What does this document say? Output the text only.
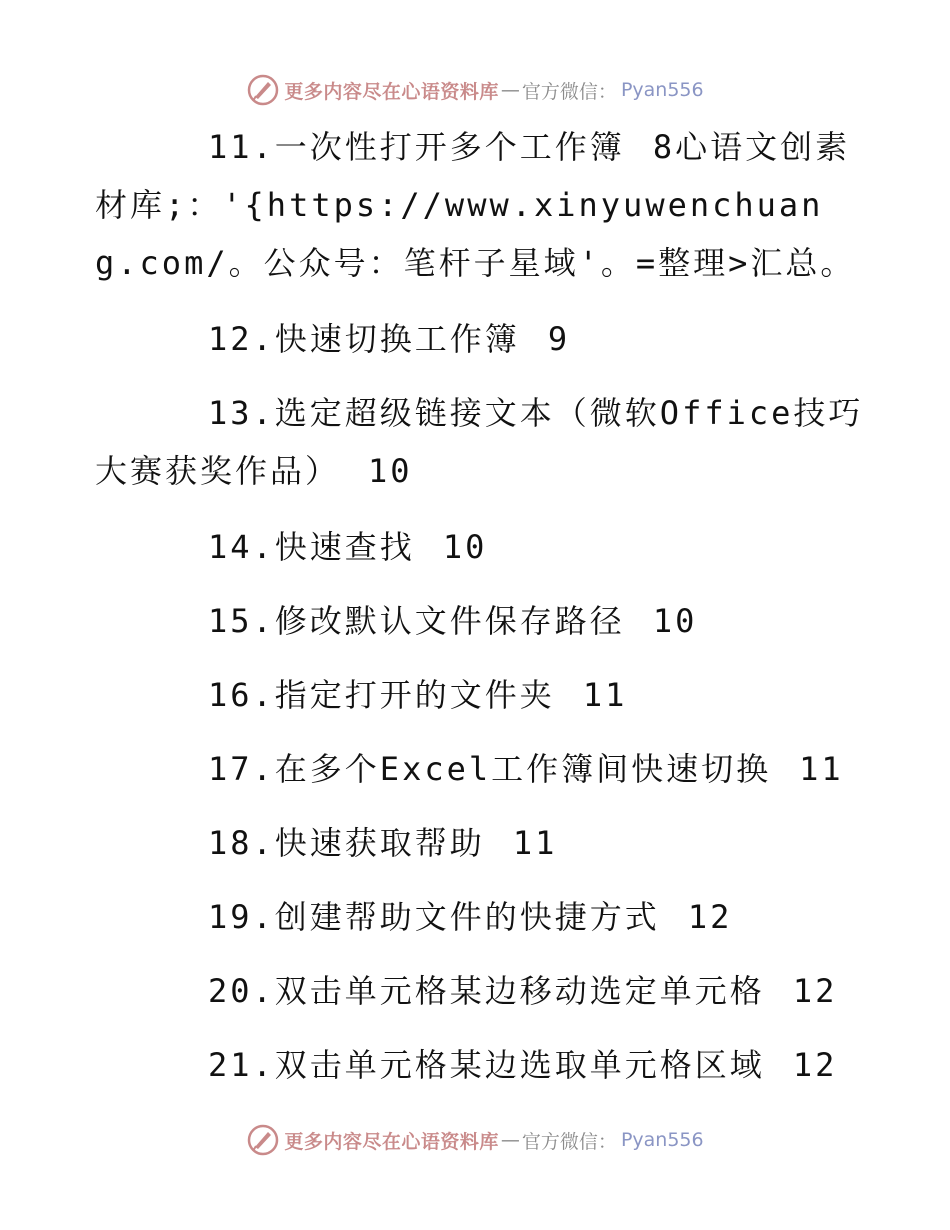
更多内容尽在心语资料库 — 官方微信： Pyan556

11.一次性打开多个工作簿 8心语文创素材库;：'{https://www.xinyuwenchuang.com/。公众号：笔杆子星域'。=整理>汇总。

12.快速切换工作簿 9

13.选定超级链接文本（微软Office技巧大赛获奖作品） 10

14.快速查找 10

15.修改默认文件保存路径 10

16.指定打开的文件夹 11

17.在多个Excel工作簿间快速切换 11

18.快速获取帮助 11

19.创建帮助文件的快捷方式 12

20.双击单元格某边移动选定单元格 12

21.双击单元格某边选取单元格区域 12

更多内容尽在心语资料库 — 官方微信： Pyan556
